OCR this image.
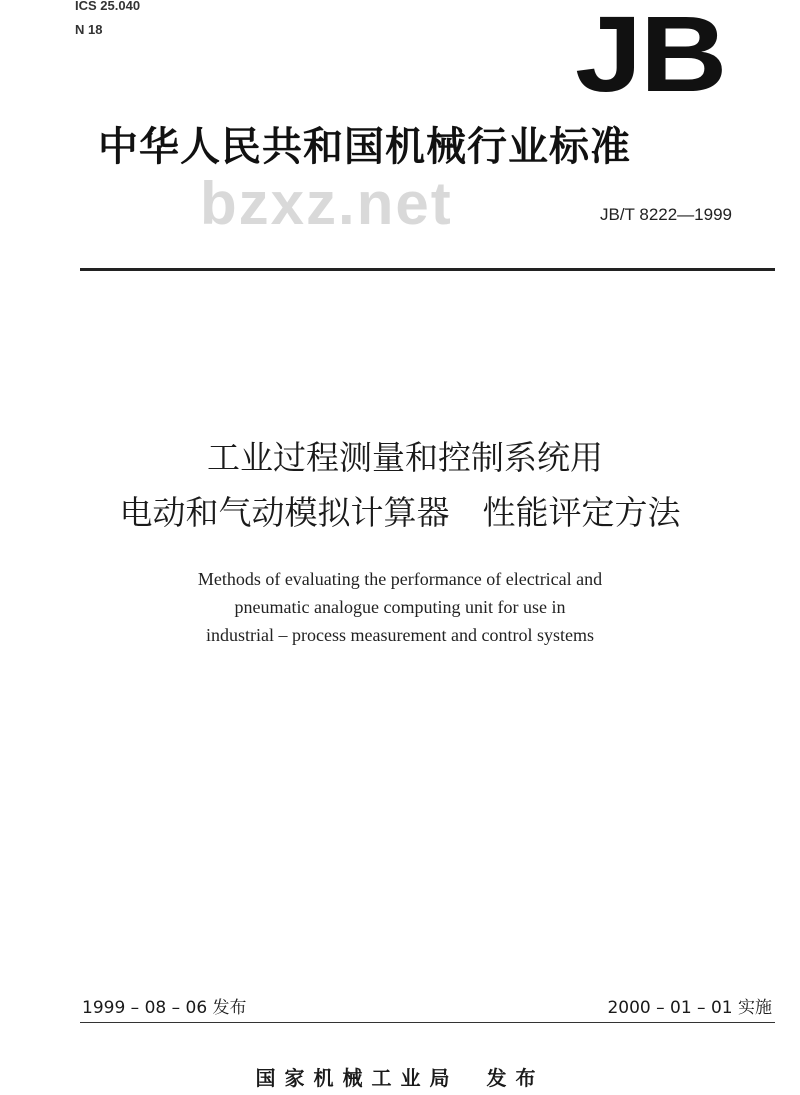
ICS 25.040
N 18	JB
bzxz.net
中华人民共和国机械行业标准
JB/T 8222—1999
工业过程测量和控制系统用
电动和气动模拟计算器　性能评定方法
Methods of evaluating the performance of electrical and
pneumatic analogue computing unit for use in
industrial – process measurement and control systems
1999 – 08 – 06 发布	2000 – 01 – 01 实施
国家机械工业局 发布
